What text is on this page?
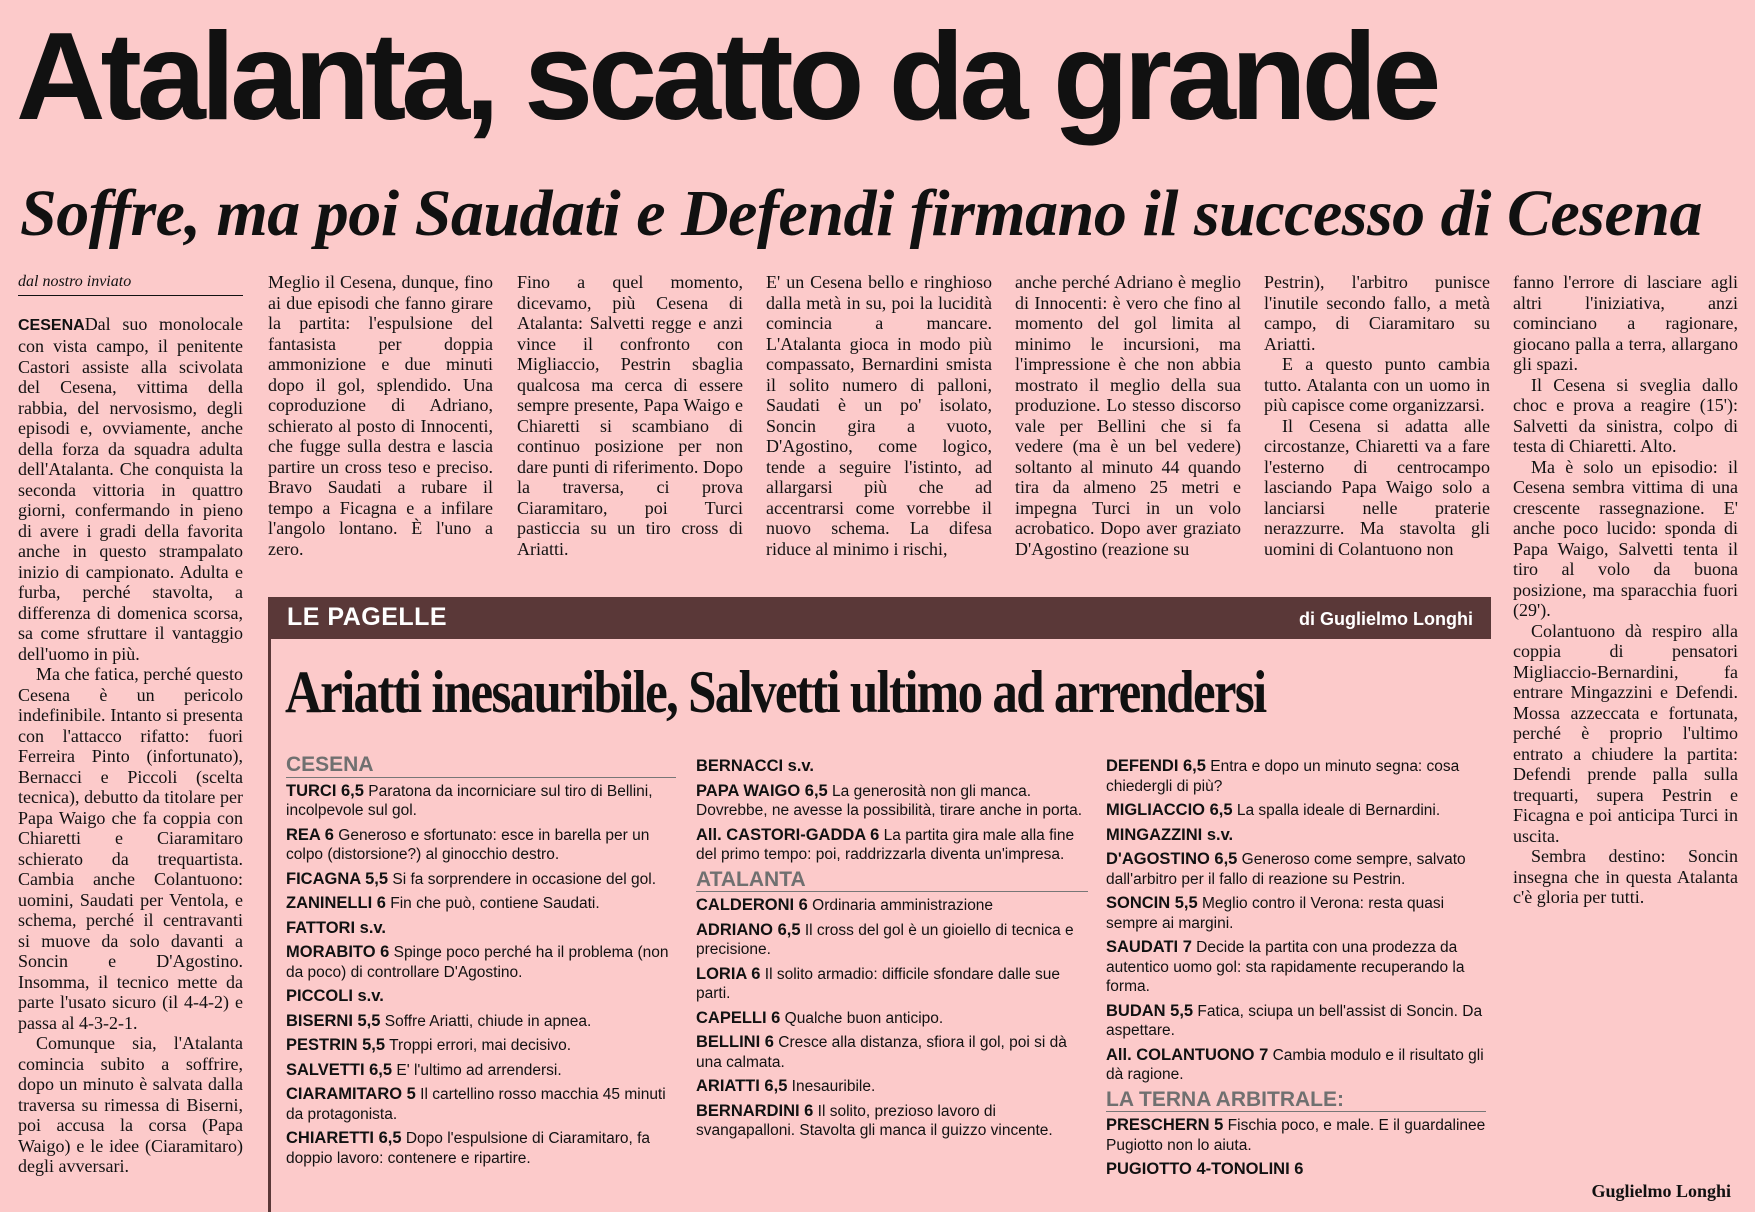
Atalanta, scatto da grande
Soffre, ma poi Saudati e Defendi firmano il successo di Cesena
dal nostro inviato

CESENADal suo monolocale con vista campo, il penitente Castori assiste alla scivolata del Cesena, vittima della rabbia, del nervosismo, degli episodi e, ovviamente, anche della forza da squadra adulta dell'Atalanta. Che conquista la seconda vittoria in quattro giorni, confermando in pieno di avere i gradi della favorita anche in questo strampalato inizio di campionato. Adulta e furba, perché stavolta, a differenza di domenica scorsa, sa come sfruttare il vantaggio dell'uomo in più.

Ma che fatica, perché questo Cesena è un pericolo indefinibile. Intanto si presenta con l'attacco rifatto: fuori Ferreira Pinto (infortunato), Bernacci e Piccoli (scelta tecnica), debutto da titolare per Papa Waigo che fa coppia con Chiaretti e Ciaramitaro schierato da trequartista. Cambia anche Colantuono: uomini, Saudati per Ventola, e schema, perché il centravanti si muove da solo davanti a Soncin e D'Agostino. Insomma, il tecnico mette da parte l'usato sicuro (il 4-4-2) e passa al 4-3-2-1.

Comunque sia, l'Atalanta comincia subito a soffrire, dopo un minuto è salvata dalla traversa su rimessa di Biserni, poi accusa la corsa (Papa Waigo) e le idee (Ciaramitaro) degli avversari.

Meglio il Cesena, dunque, fino ai due episodi che fanno girare la partita: l'espulsione del fantasista per doppia ammonizione e due minuti dopo il gol, splendido. Una coproduzione di Adriano, schierato al posto di Innocenti, che fugge sulla destra e lascia partire un cross teso e preciso. Bravo Saudati a rubare il tempo a Ficagna e a infilare l'angolo lontano. È l'uno a zero.

Fino a quel momento, dicevamo, più Cesena di Atalanta: Salvetti regge e anzi vince il confronto con Migliaccio, Pestrin sbaglia qualcosa ma cerca di essere sempre presente, Papa Waigo e Chiaretti si scambiano di continuo posizione per non dare punti di riferimento. Dopo la traversa, ci prova Ciaramitaro, poi Turci pasticcia su un tiro cross di Ariatti.

E' un Cesena bello e ringhioso dalla metà in su, poi la lucidità comincia a mancare. L'Atalanta gioca in modo più compassato, Bernardini smista il solito numero di palloni, Saudati è un po' isolato, Soncin gira a vuoto, D'Agostino, come logico, tende a seguire l'istinto, ad allargarsi più che ad accentrarsi come vorrebbe il nuovo schema. La difesa riduce al minimo i rischi,

anche perché Adriano è meglio di Innocenti: è vero che fino al momento del gol limita al minimo le incursioni, ma l'impressione è che non abbia mostrato il meglio della sua produzione. Lo stesso discorso vale per Bellini che si fa vedere (ma è un bel vedere) soltanto al minuto 44 quando tira da almeno 25 metri e impegna Turci in un volo acrobatico. Dopo aver graziato D'Agostino (reazione su

Pestrin), l'arbitro punisce l'inutile secondo fallo, a metà campo, di Ciaramitaro su Ariatti.

E a questo punto cambia tutto. Atalanta con un uomo in più capisce come organizzarsi.

Il Cesena si adatta alle circostanze, Chiaretti va a fare l'esterno di centrocampo lasciando Papa Waigo solo a lanciarsi nelle praterie nerazzurre. Ma stavolta gli uomini di Colantuono non

fanno l'errore di lasciare agli altri l'iniziativa, anzi cominciano a ragionare, giocano palla a terra, allargano gli spazi.

Il Cesena si sveglia dallo choc e prova a reagire (15'): Salvetti da sinistra, colpo di testa di Chiaretti. Alto.

Ma è solo un episodio: il Cesena sembra vittima di una crescente rassegnazione. E' anche poco lucido: sponda di Papa Waigo, Salvetti tenta il tiro al volo da buona posizione, ma sparacchia fuori (29').

Colantuono dà respiro alla coppia di pensatori Migliaccio-Bernardini, fa entrare Mingazzini e Defendi. Mossa azzeccata e fortunata, perché è proprio l'ultimo entrato a chiudere la partita: Defendi prende palla sulla trequarti, supera Pestrin e Ficagna e poi anticipa Turci in uscita.

Sembra destino: Soncin insegna che in questa Atalanta c'è gloria per tutti.

Guglielmo Longhi
LE PAGELLE	di Guglielmo Longhi
Ariatti inesauribile, Salvetti ultimo ad arrendersi
CESENA
TURCI 6,5 Paratona da incorniciare sul tiro di Bellini, incolpevole sul gol.
REA 6 Generoso e sfortunato: esce in barella per un colpo (distorsione?) al ginocchio destro.
FICAGNA 5,5 Si fa sorprendere in occasione del gol.
ZANINELLI 6 Fin che può, contiene Saudati.
FATTORI s.v.
MORABITO 6 Spinge poco perché ha il problema (non da poco) di controllare D'Agostino.
PICCOLI s.v.
BISERNI 5,5 Soffre Ariatti, chiude in apnea.
PESTRIN 5,5 Troppi errori, mai decisivo.
SALVETTI 6,5 E' l'ultimo ad arrendersi.
CIARAMITARO 5 Il cartellino rosso macchia 45 minuti da protagonista.
CHIARETTI 6,5 Dopo l'espulsione di Ciaramitaro, fa doppio lavoro: contenere e ripartire.
BERNACCI s.v.
PAPA WAIGO 6,5 La generosità non gli manca. Dovrebbe, ne avesse la possibilità, tirare anche in porta.
All. CASTORI-GADDA 6 La partita gira male alla fine del primo tempo: poi, raddrizzarla diventa un'impresa.
ATALANTA
CALDERONI 6 Ordinaria amministrazione
ADRIANO 6,5 Il cross del gol è un gioiello di tecnica e precisione.
LORIA 6 Il solito armadio: difficile sfondare dalle sue parti.
CAPELLI 6 Qualche buon anticipo.
BELLINI 6 Cresce alla distanza, sfiora il gol, poi si dà una calmata.
ARIATTI 6,5 Inesauribile.
BERNARDINI 6 Il solito, prezioso lavoro di svangapalloni. Stavolta gli manca il guizzo vincente.
DEFENDI 6,5 Entra e dopo un minuto segna: cosa chiedergli di più?
MIGLIACCIO 6,5 La spalla ideale di Bernardini.
MINGAZZINI s.v.
D'AGOSTINO 6,5 Generoso come sempre, salvato dall'arbitro per il fallo di reazione su Pestrin.
SONCIN 5,5 Meglio contro il Verona: resta quasi sempre ai margini.
SAUDATI 7 Decide la partita con una prodezza da autentico uomo gol: sta rapidamente recuperando la forma.
BUDAN 5,5 Fatica, sciupa un bell'assist di Soncin. Da aspettare.
All. COLANTUONO 7 Cambia modulo e il risultato gli dà ragione.
LA TERNA ARBITRALE:
PRESCHERN 5 Fischia poco, e male. E il guardalinee Pugiotto non lo aiuta.
PUGIOTTO 4-TONOLINI 6
